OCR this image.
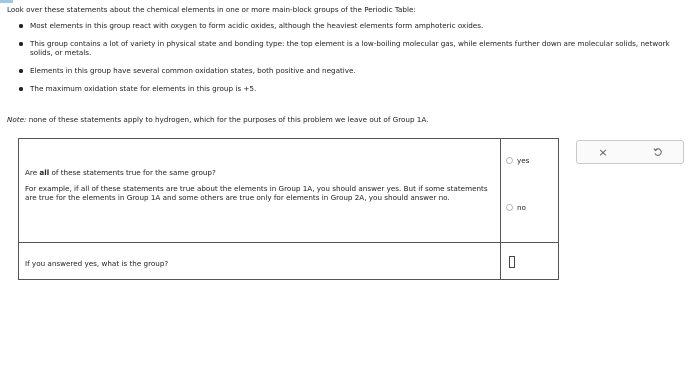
Look over these statements about the chemical elements in one or more main-block groups of the Periodic Table:
Most elements in this group react with oxygen to form acidic oxides, although the heaviest elements form amphoteric oxides.
This group contains a lot of variety in physical state and bonding type: the top element is a low-boiling molecular gas, while elements further down are molecular solids, network solids, or metals.
Elements in this group have several common oxidation states, both positive and negative.
The maximum oxidation state for elements in this group is +5.
Note: none of these statements apply to hydrogen, which for the purposes of this problem we leave out of Group 1A.
Are all of these statements true for the same group?
For example, if all of these statements are true about the elements in Group 1A, you should answer yes. But if some statements are true for the elements in Group 1A and some others are true only for elements in Group 2A, you should answer no.
yes
no
If you answered yes, what is the group?
×
